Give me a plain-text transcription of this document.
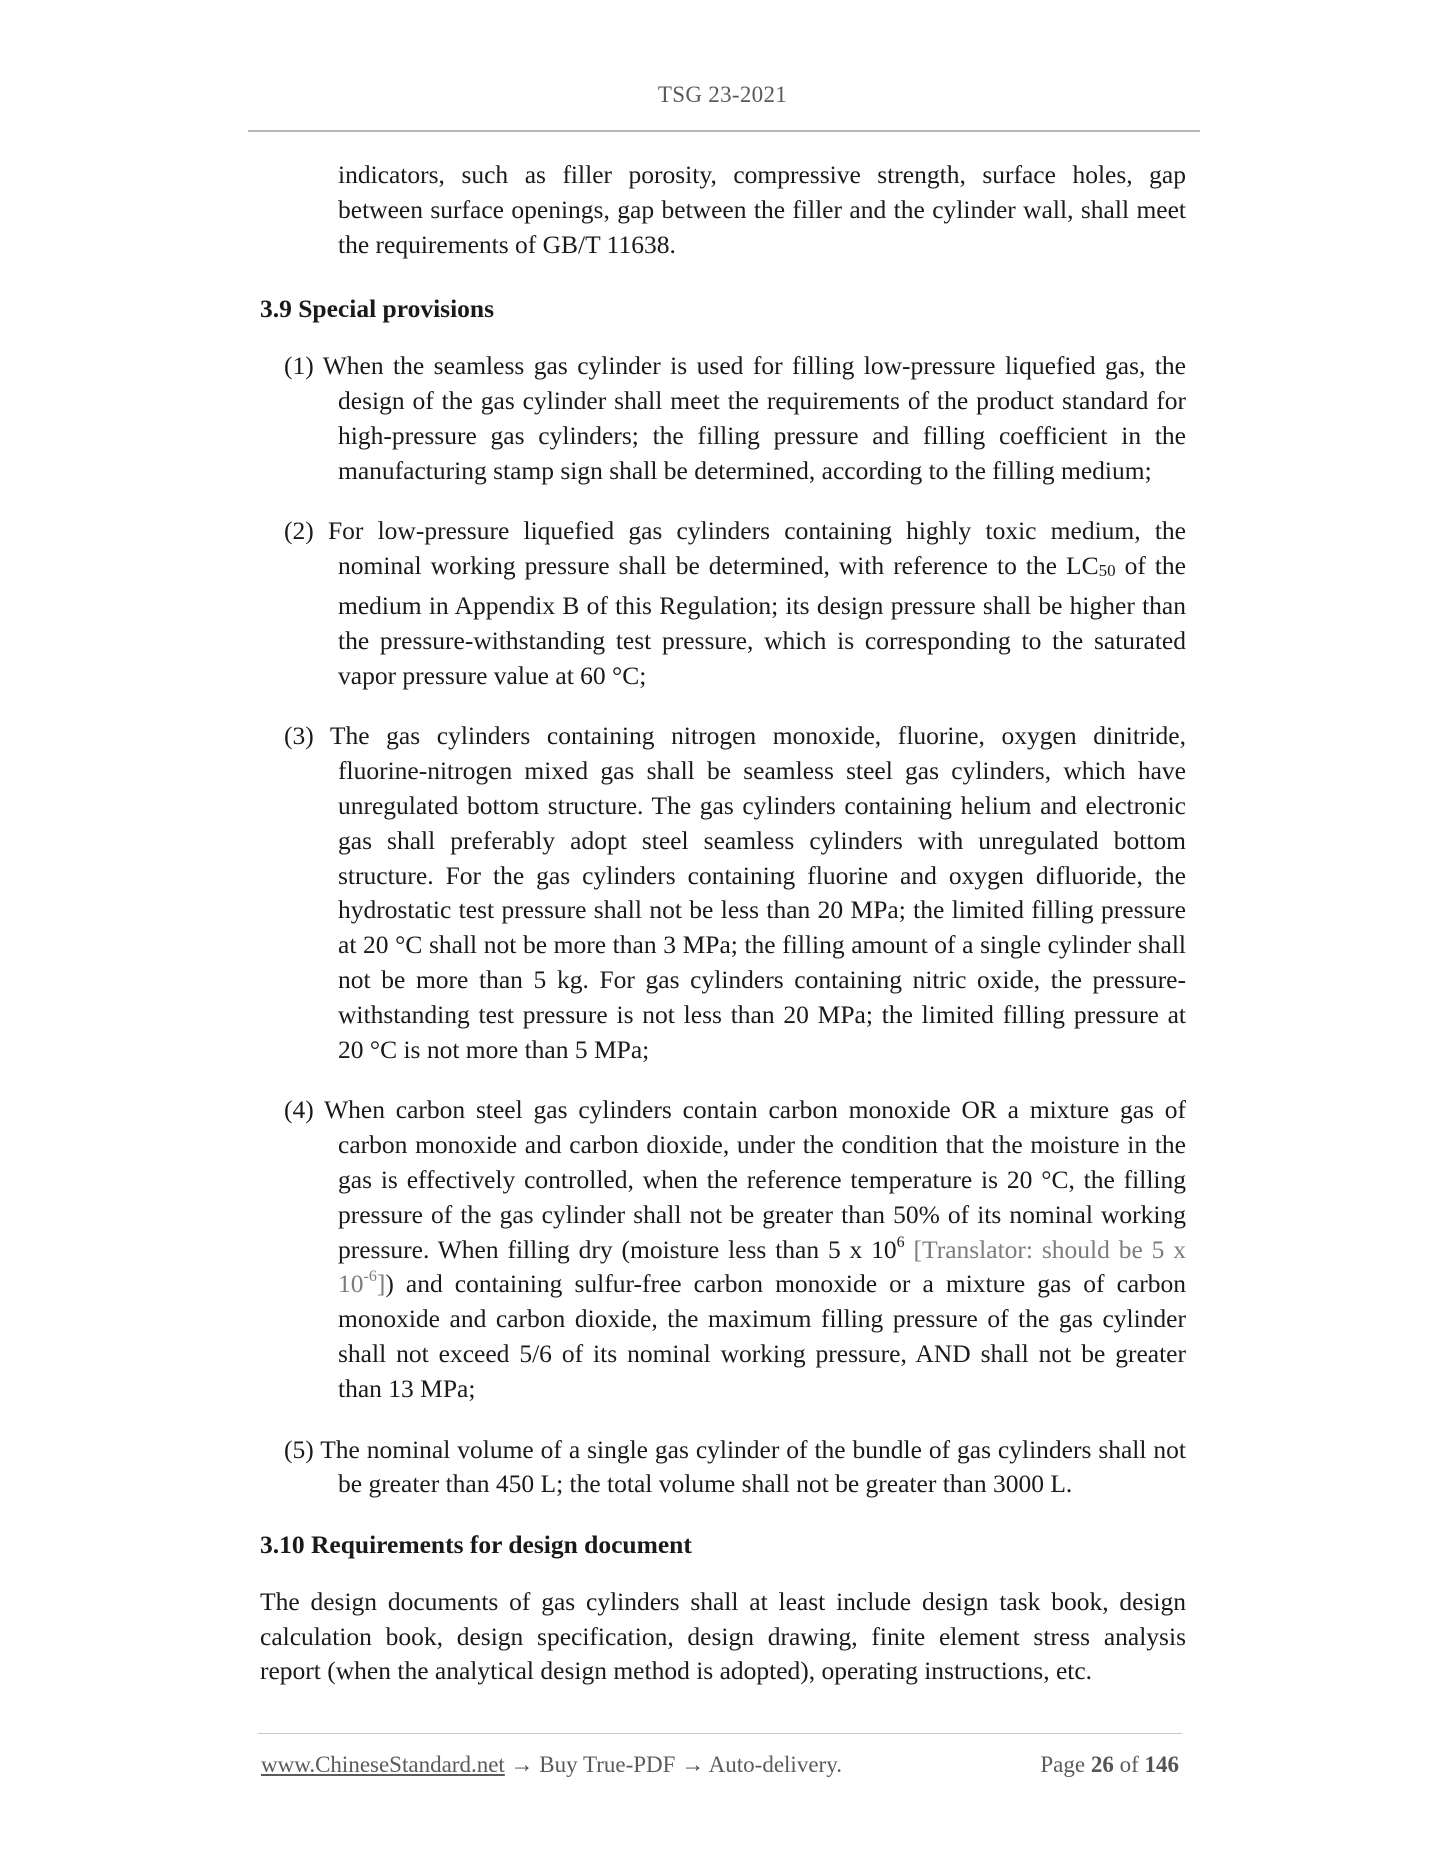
TSG 23-2021

indicators, such as filler porosity, compressive strength, surface holes, gap between surface openings, gap between the filler and the cylinder wall, shall meet the requirements of GB/T 11638.

3.9 Special provisions

(1) When the seamless gas cylinder is used for filling low-pressure liquefied gas, the design of the gas cylinder shall meet the requirements of the product standard for high-pressure gas cylinders; the filling pressure and filling coefficient in the manufacturing stamp sign shall be determined, according to the filling medium;

(2) For low-pressure liquefied gas cylinders containing highly toxic medium, the nominal working pressure shall be determined, with reference to the LC50 of the medium in Appendix B of this Regulation; its design pressure shall be higher than the pressure-withstanding test pressure, which is corresponding to the saturated vapor pressure value at 60 °C;

(3) The gas cylinders containing nitrogen monoxide, fluorine, oxygen dinitride, fluorine-nitrogen mixed gas shall be seamless steel gas cylinders, which have unregulated bottom structure. The gas cylinders containing helium and electronic gas shall preferably adopt steel seamless cylinders with unregulated bottom structure. For the gas cylinders containing fluorine and oxygen difluoride, the hydrostatic test pressure shall not be less than 20 MPa; the limited filling pressure at 20 °C shall not be more than 3 MPa; the filling amount of a single cylinder shall not be more than 5 kg. For gas cylinders containing nitric oxide, the pressure-withstanding test pressure is not less than 20 MPa; the limited filling pressure at 20 °C is not more than 5 MPa;

(4) When carbon steel gas cylinders contain carbon monoxide OR a mixture gas of carbon monoxide and carbon dioxide, under the condition that the moisture in the gas is effectively controlled, when the reference temperature is 20 °C, the filling pressure of the gas cylinder shall not be greater than 50% of its nominal working pressure. When filling dry (moisture less than 5 x $10^6$ [Translator: should be 5 x $10^{-6}$]) and containing sulfur-free carbon monoxide or a mixture gas of carbon monoxide and carbon dioxide, the maximum filling pressure of the gas cylinder shall not exceed 5/6 of its nominal working pressure, AND shall not be greater than 13 MPa;

(5) The nominal volume of a single gas cylinder of the bundle of gas cylinders shall not be greater than 450 L; the total volume shall not be greater than 3000 L.

3.10 Requirements for design document

The design documents of gas cylinders shall at least include design task book, design calculation book, design specification, design drawing, finite element stress analysis report (when the analytical design method is adopted), operating instructions, etc.

www.ChineseStandard.net → Buy True-PDF → Auto-delivery.	Page 26 of 146
